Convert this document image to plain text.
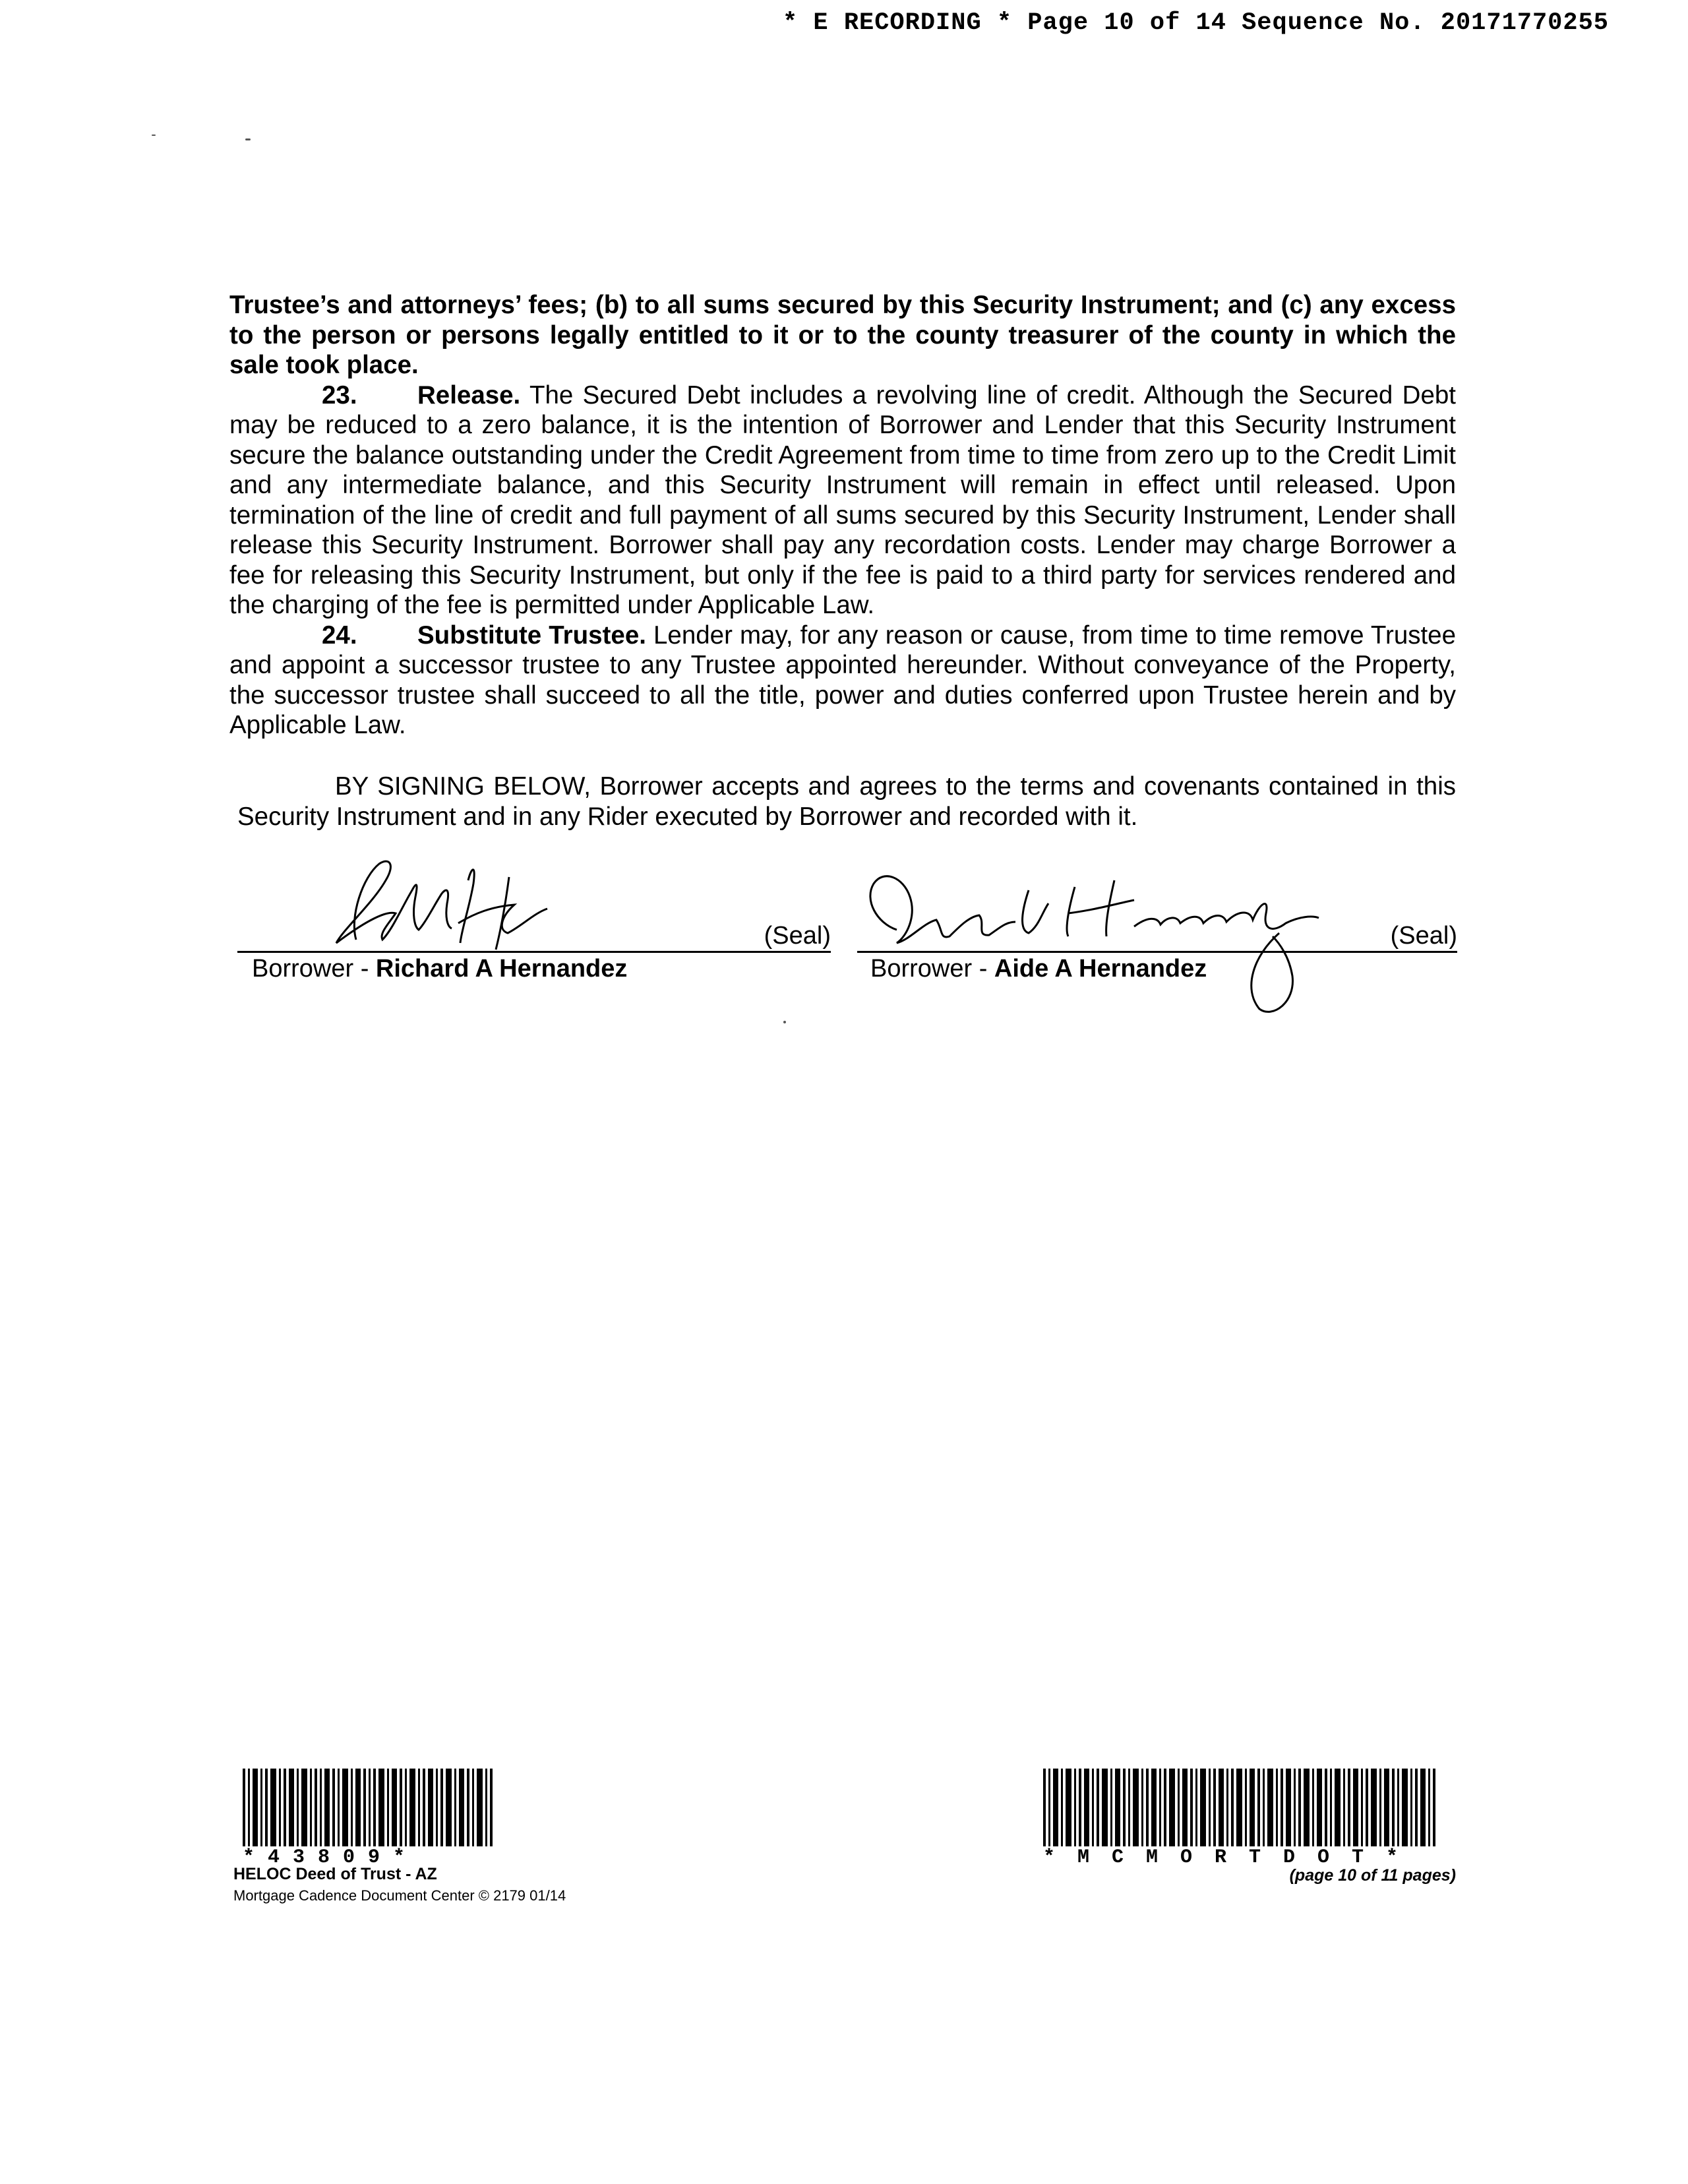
* E RECORDING * Page 10 of 14 Sequence No. 20171770255

Trustee’s and attorneys’ fees; (b) to all sums secured by this Security Instrument; and (c) any excess to the person or persons legally entitled to it or to the county treasurer of the county in which the sale took place.

23. Release. The Secured Debt includes a revolving line of credit. Although the Secured Debt may be reduced to a zero balance, it is the intention of Borrower and Lender that this Security Instrument secure the balance outstanding under the Credit Agreement from time to time from zero up to the Credit Limit and any intermediate balance, and this Security Instrument will remain in effect until released. Upon termination of the line of credit and full payment of all sums secured by this Security Instrument, Lender shall release this Security Instrument. Borrower shall pay any recordation costs. Lender may charge Borrower a fee for releasing this Security Instrument, but only if the fee is paid to a third party for services rendered and the charging of the fee is permitted under Applicable Law.

24. Substitute Trustee. Lender may, for any reason or cause, from time to time remove Trustee and appoint a successor trustee to any Trustee appointed hereunder. Without conveyance of the Property, the successor trustee shall succeed to all the title, power and duties conferred upon Trustee herein and by Applicable Law.

BY SIGNING BELOW, Borrower accepts and agrees to the terms and covenants contained in this Security Instrument and in any Rider executed by Borrower and recorded with it.
(Seal)
Borrower - Richard A Hernandez
(Seal)
Borrower - Aide A Hernandez
*43809*	*MCMORTDOT*
HELOC Deed of Trust - AZ
Mortgage Cadence Document Center © 2179 01/14
(page 10 of 11 pages)
